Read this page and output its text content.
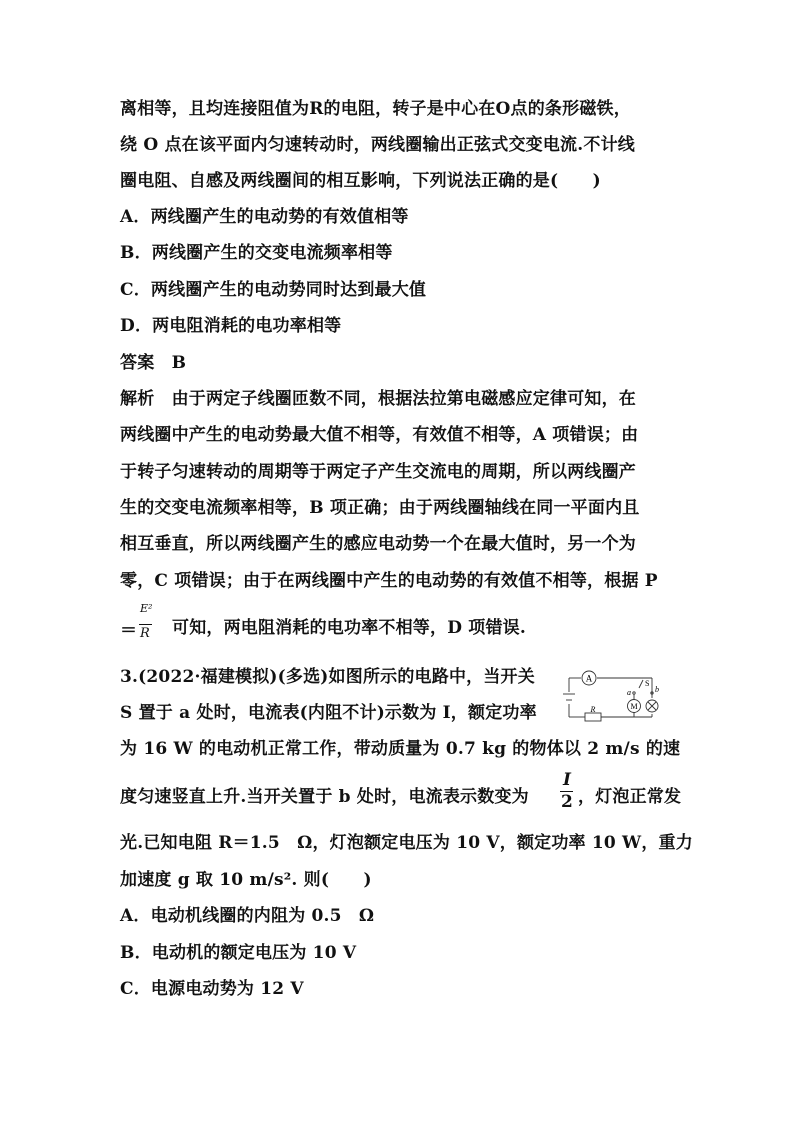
离相等，且均连接阻值为R的电阻，转子是中心在O点的条形磁铁，
绕 O 点在该平面内匀速转动时，两线圈输出正弦式交变电流.不计线
圈电阻、自感及两线圈间的相互影响，下列说法正确的是(　　)
A．两线圈产生的电动势的有效值相等
B．两线圈产生的交变电流频率相等
C．两线圈产生的电动势同时达到最大值
D．两电阻消耗的电功率相等
答案　B
解析　由于两定子线圈匝数不同，根据法拉第电磁感应定律可知，在
两线圈中产生的电动势最大值不相等，有效值不相等，A 项错误；由
于转子匀速转动的周期等于两定子产生交流电的周期，所以两线圈产
生的交变电流频率相等，B 项正确；由于两线圈轴线在同一平面内且
相互垂直，所以两线圈产生的感应电动势一个在最大值时，另一个为
零，C 项错误；由于在两线圈中产生的电动势的有效值不相等，根据 P
＝
E²
R 可知，两电阻消耗的电功率不相等，D 项错误.
3.(2022·福建模拟)(多选)如图所示的电路中，当开关
S 置于 a 处时，电流表(内阻不计)示数为 I，额定功率
为 16 W 的电动机正常工作，带动质量为 0.7 kg 的物体以 2 m/s 的速
度匀速竖直上升.当开关置于 b 处时，电流表示数变为
I
2 ，灯泡正常发
光.已知电阻 R＝1.5　Ω，灯泡额定电压为 10 V，额定功率 10 W，重力
加速度 g 取 10 m/s². 则(　　)
A．电动机线圈的内阻为 0.5　Ω
B．电动机的额定电压为 10 V
C．电源电动势为 12 V
A
M
R
S
a	b
